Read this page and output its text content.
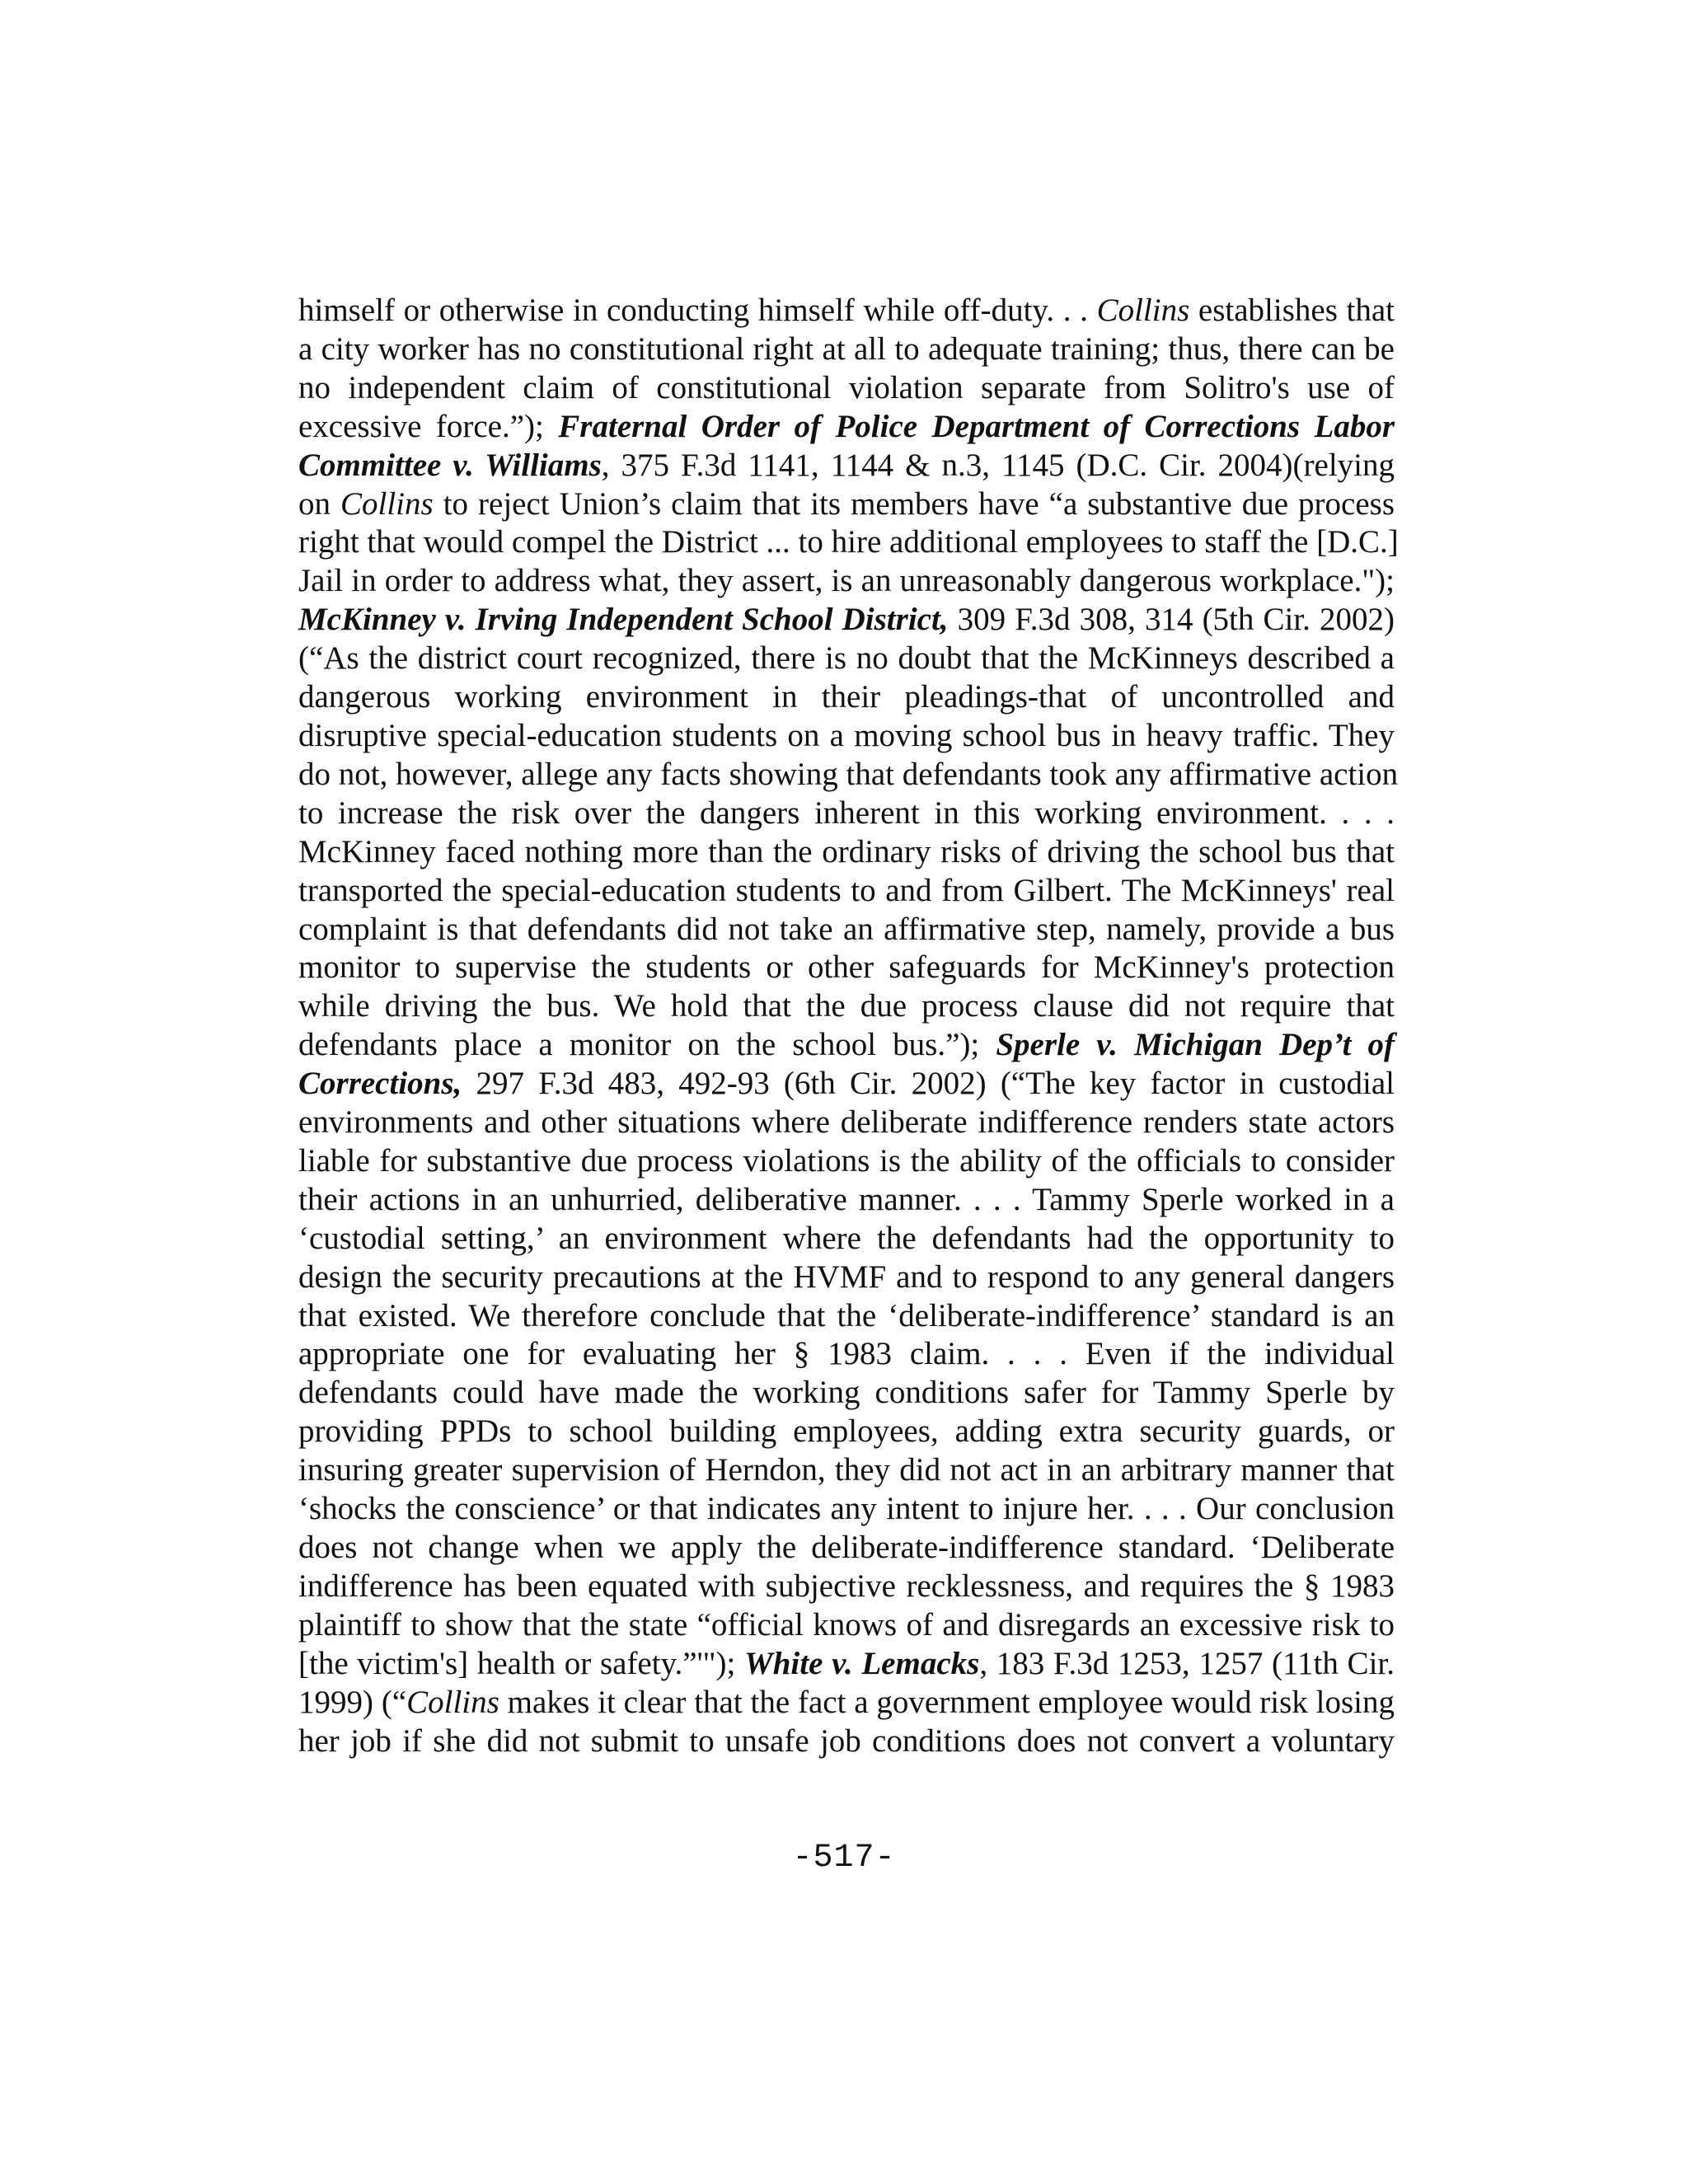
himself or otherwise in conducting himself while off-duty. . . Collins establishes that
a city worker has no constitutional right at all to adequate training; thus, there can be
no independent claim of constitutional violation separate from Solitro's use of
excessive force.”); Fraternal Order of Police Department of Corrections Labor
Committee v. Williams, 375 F.3d 1141, 1144 & n.3, 1145 (D.C. Cir. 2004)(relying
on Collins to reject Union’s claim that its members have “a substantive due process
right that would compel the District ... to hire additional employees to staff the [D.C.]
Jail in order to address what, they assert, is an unreasonably dangerous workplace.");
McKinney v. Irving Independent School District, 309 F.3d 308, 314 (5th Cir. 2002)
(“As the district court recognized, there is no doubt that the McKinneys described a
dangerous working environment in their pleadings-that of uncontrolled and
disruptive special-education students on a moving school bus in heavy traffic. They
do not, however, allege any facts showing that defendants took any affirmative action
to increase the risk over the dangers inherent in this working environment. . . .
McKinney faced nothing more than the ordinary risks of driving the school bus that
transported the special-education students to and from Gilbert. The McKinneys' real
complaint is that defendants did not take an affirmative step, namely, provide a bus
monitor to supervise the students or other safeguards for McKinney's protection
while driving the bus. We hold that the due process clause did not require that
defendants place a monitor on the school bus.”); Sperle v. Michigan Dep’t of
Corrections, 297 F.3d 483, 492-93 (6th Cir. 2002) (“The key factor in custodial
environments and other situations where deliberate indifference renders state actors
liable for substantive due process violations is the ability of the officials to consider
their actions in an unhurried, deliberative manner. . . . Tammy Sperle worked in a
‘custodial setting,’ an environment where the defendants had the opportunity to
design the security precautions at the HVMF and to respond to any general dangers
that existed. We therefore conclude that the ‘deliberate-indifference’ standard is an
appropriate one for evaluating her § 1983 claim. . . . Even if the individual
defendants could have made the working conditions safer for Tammy Sperle by
providing PPDs to school building employees, adding extra security guards, or
insuring greater supervision of Herndon, they did not act in an arbitrary manner that
‘shocks the conscience’ or that indicates any intent to injure her. . . . Our conclusion
does not change when we apply the deliberate-indifference standard. ‘Deliberate
indifference has been equated with subjective recklessness, and requires the § 1983
plaintiff to show that the state “official knows of and disregards an excessive risk to
[the victim's] health or safety.”'"); White v. Lemacks, 183 F.3d 1253, 1257 (11th Cir.
1999) (“Collins makes it clear that the fact a government employee would risk losing
her job if she did not submit to unsafe job conditions does not convert a voluntary
-517-
